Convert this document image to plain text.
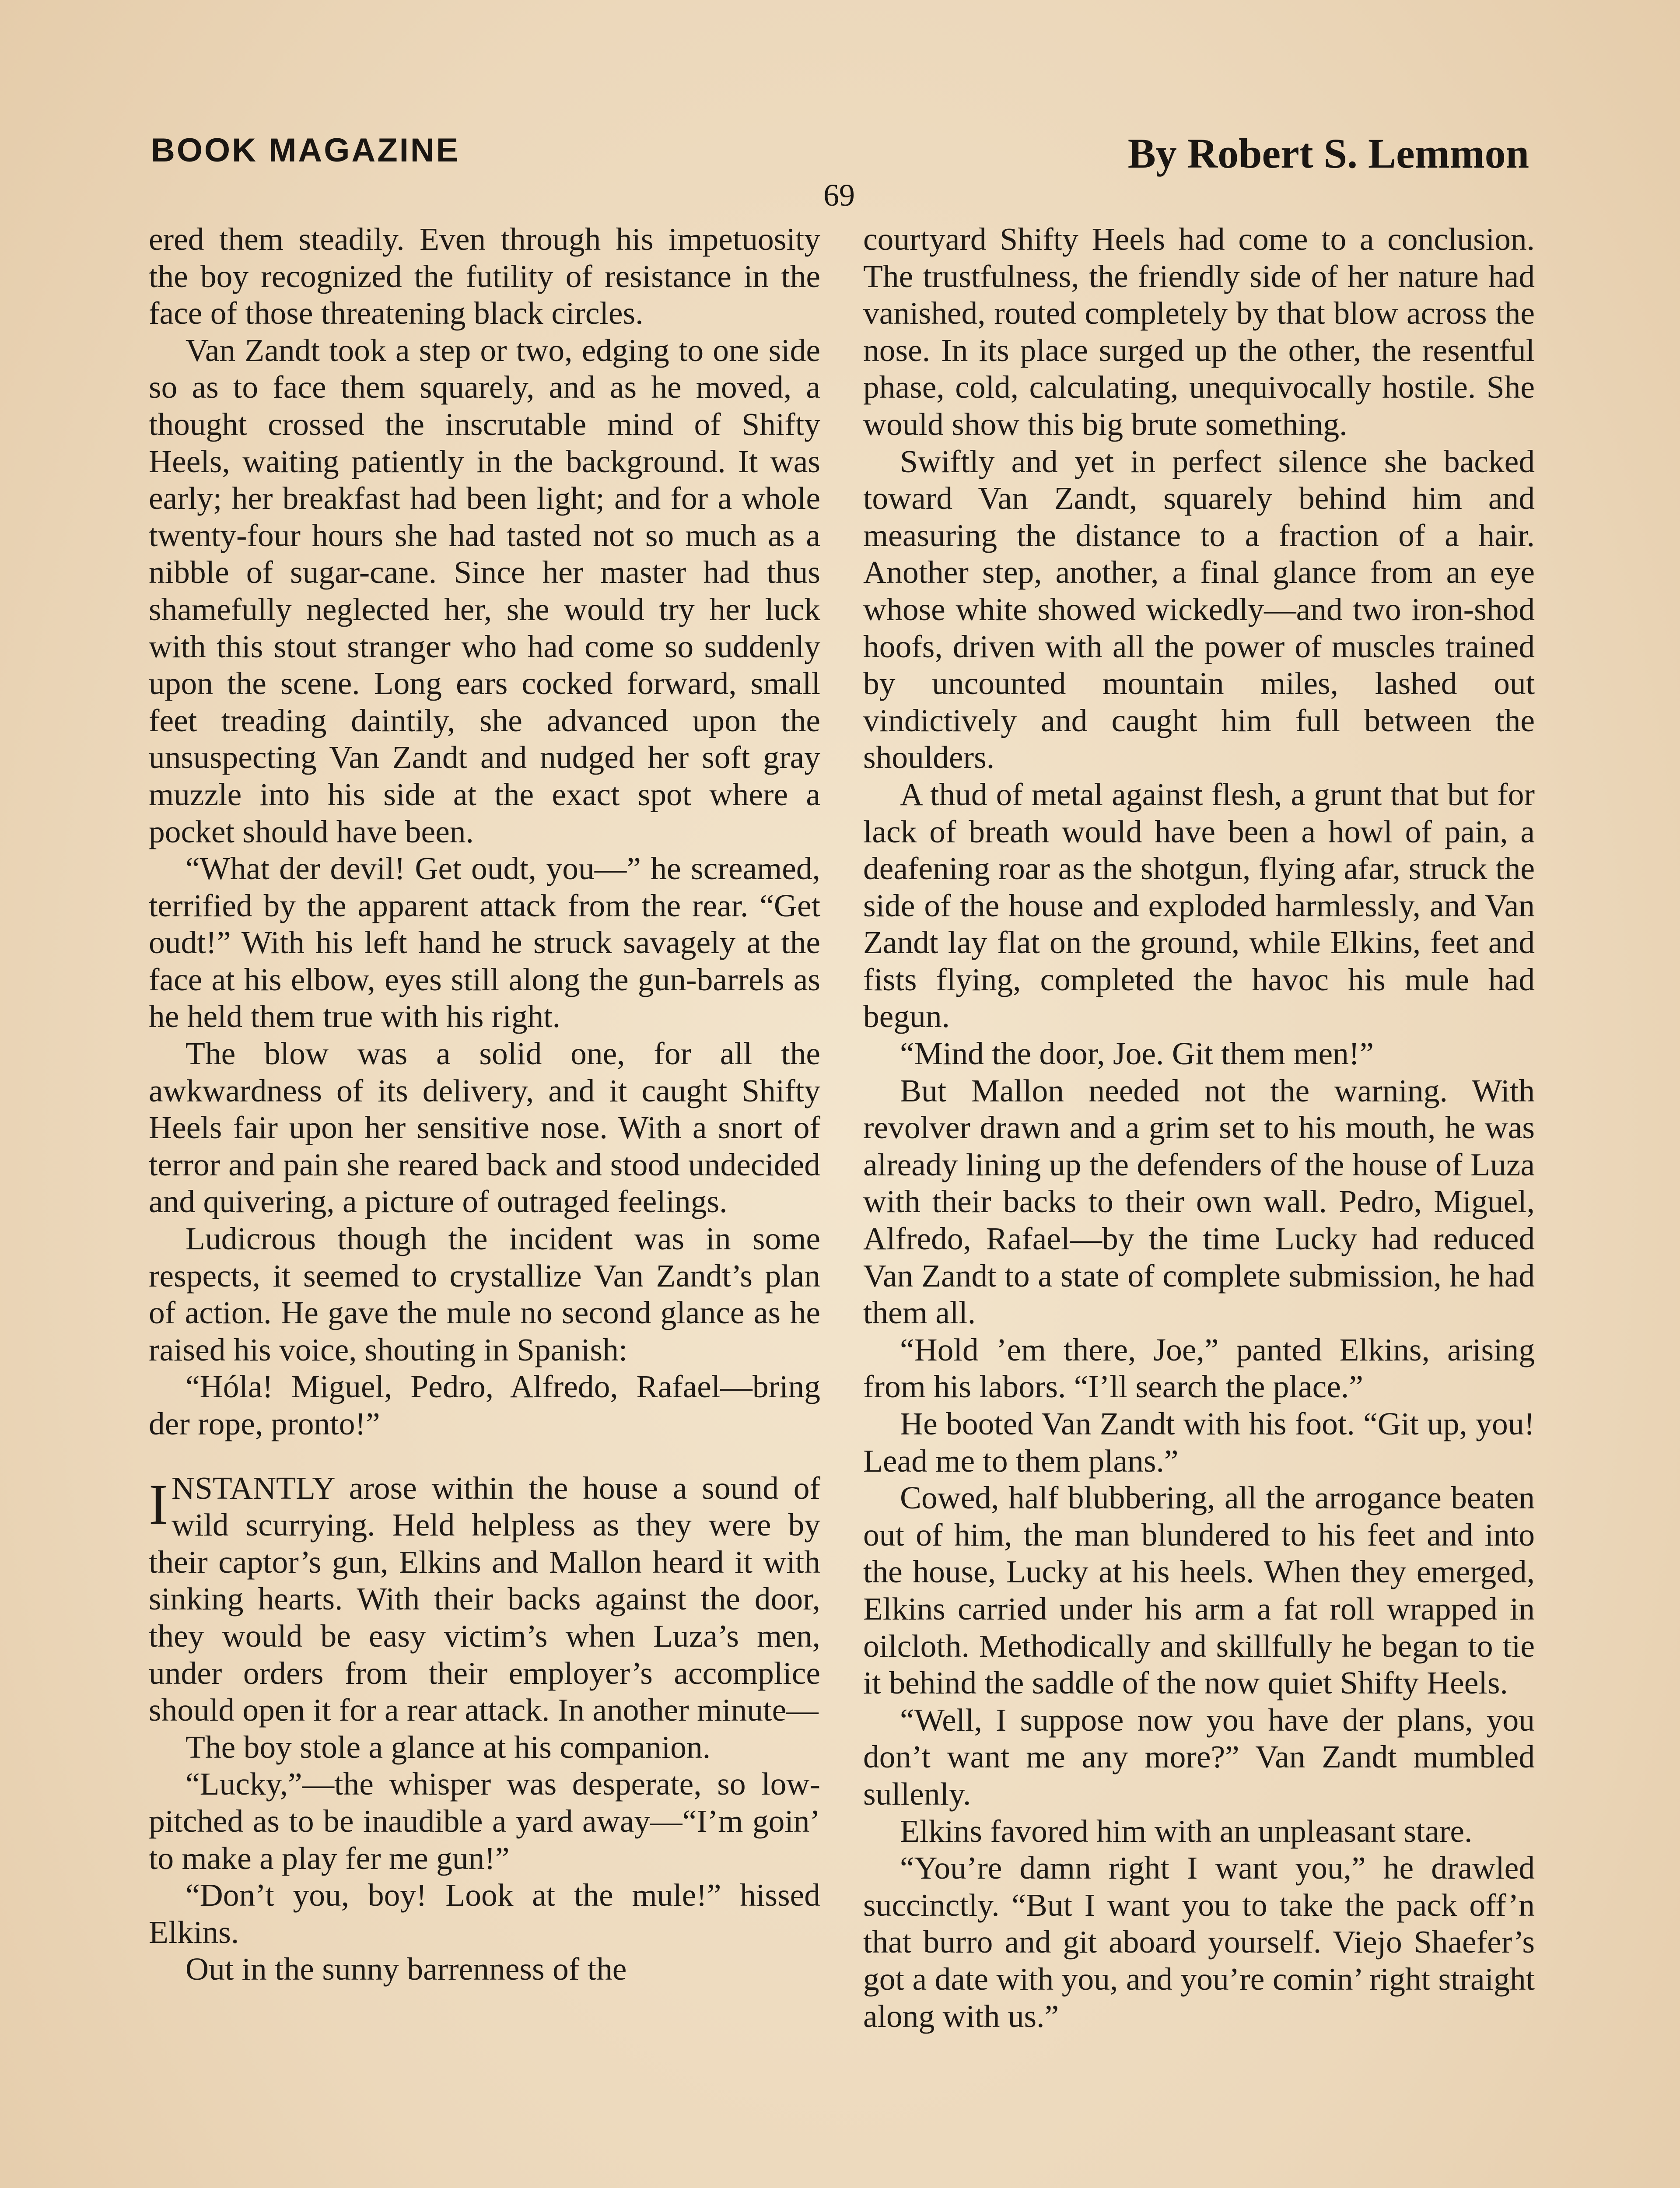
BOOK MAGAZINE	By Robert S. Lemmon
69

ered them steadily. Even through his impetuosity the boy recognized the futility of resistance in the face of those threatening black circles.

Van Zandt took a step or two, edging to one side so as to face them squarely, and as he moved, a thought crossed the inscrutable mind of Shifty Heels, waiting patiently in the background. It was early; her breakfast had been light; and for a whole twenty-four hours she had tasted not so much as a nibble of sugar-cane. Since her master had thus shamefully neglected her, she would try her luck with this stout stranger who had come so suddenly upon the scene. Long ears cocked forward, small feet treading daintily, she advanced upon the unsuspecting Van Zandt and nudged her soft gray muzzle into his side at the exact spot where a pocket should have been.

“What der devil! Get oudt, you—” he screamed, terrified by the apparent attack from the rear. “Get oudt!” With his left hand he struck savagely at the face at his elbow, eyes still along the gun-barrels as he held them true with his right.

The blow was a solid one, for all the awkwardness of its delivery, and it caught Shifty Heels fair upon her sensitive nose. With a snort of terror and pain she reared back and stood undecided and quivering, a picture of outraged feelings.

Ludicrous though the incident was in some respects, it seemed to crystallize Van Zandt’s plan of action. He gave the mule no second glance as he raised his voice, shouting in Spanish:

“Hóla! Miguel, Pedro, Alfredo, Rafael—bring der rope, pronto!”

INSTANTLY arose within the house a sound of wild scurrying. Held helpless as they were by their captor’s gun, Elkins and Mallon heard it with sinking hearts. With their backs against the door, they would be easy victim’s when Luza’s men, under orders from their employer’s accomplice should open it for a rear attack. In another minute—

The boy stole a glance at his companion.

“Lucky,”—the whisper was desperate, so low-pitched as to be inaudible a yard away—“I’m goin’ to make a play fer me gun!”

“Don’t you, boy! Look at the mule!” hissed Elkins.

Out in the sunny barrenness of the

courtyard Shifty Heels had come to a conclusion. The trustfulness, the friendly side of her nature had vanished, routed completely by that blow across the nose. In its place surged up the other, the resentful phase, cold, calculating, unequivocally hostile. She would show this big brute something.

Swiftly and yet in perfect silence she backed toward Van Zandt, squarely behind him and measuring the distance to a fraction of a hair. Another step, another, a final glance from an eye whose white showed wickedly—and two iron-shod hoofs, driven with all the power of muscles trained by uncounted mountain miles, lashed out vindictively and caught him full between the shoulders.

A thud of metal against flesh, a grunt that but for lack of breath would have been a howl of pain, a deafening roar as the shotgun, flying afar, struck the side of the house and exploded harmlessly, and Van Zandt lay flat on the ground, while Elkins, feet and fists flying, completed the havoc his mule had begun.

“Mind the door, Joe. Git them men!”

But Mallon needed not the warning. With revolver drawn and a grim set to his mouth, he was already lining up the defenders of the house of Luza with their backs to their own wall. Pedro, Miguel, Alfredo, Rafael—by the time Lucky had reduced Van Zandt to a state of complete submission, he had them all.

“Hold ’em there, Joe,” panted Elkins, arising from his labors. “I’ll search the place.”

He booted Van Zandt with his foot. “Git up, you! Lead me to them plans.”

Cowed, half blubbering, all the arrogance beaten out of him, the man blundered to his feet and into the house, Lucky at his heels. When they emerged, Elkins carried under his arm a fat roll wrapped in oilcloth. Methodically and skillfully he began to tie it behind the saddle of the now quiet Shifty Heels.

“Well, I suppose now you have der plans, you don’t want me any more?” Van Zandt mumbled sullenly.

Elkins favored him with an unpleasant stare.

“You’re damn right I want you,” he drawled succinctly. “But I want you to take the pack off’n that burro and git aboard yourself. Viejo Shaefer’s got a date with you, and you’re comin’ right straight along with us.”
